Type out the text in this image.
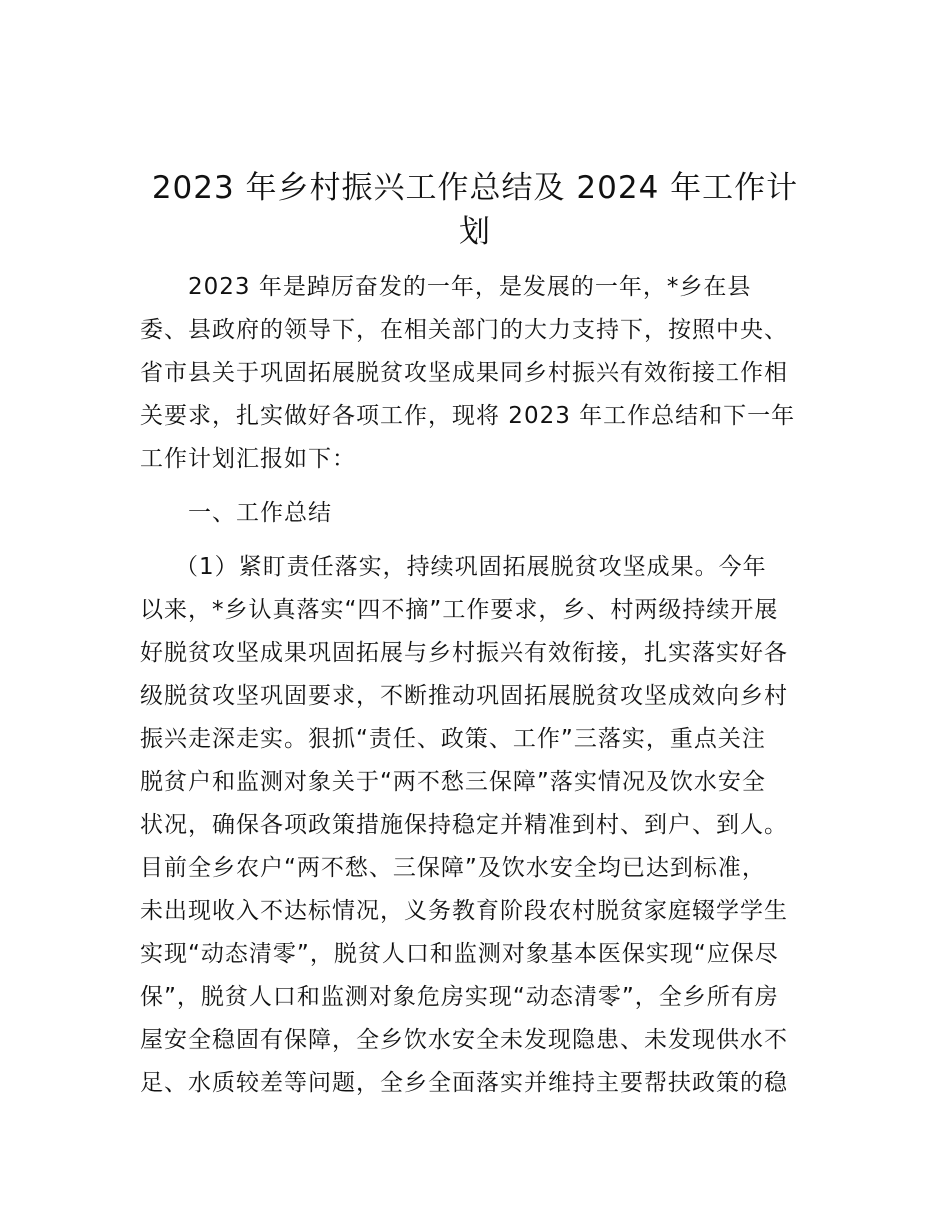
2023 年乡村振兴工作总结及 2024 年工作计
划

2023 年是踔厉奋发的一年，是发展的一年，*乡在县

委、县政府的领导下，在相关部门的大力支持下，按照中央、

省市县关于巩固拓展脱贫攻坚成果同乡村振兴有效衔接工作相

关要求，扎实做好各项工作，现将 2023 年工作总结和下一年

工作计划汇报如下：

一、工作总结

（1）紧盯责任落实，持续巩固拓展脱贫攻坚成果。今年

以来，*乡认真落实“四不摘”工作要求，乡、村两级持续开展

好脱贫攻坚成果巩固拓展与乡村振兴有效衔接，扎实落实好各

级脱贫攻坚巩固要求，不断推动巩固拓展脱贫攻坚成效向乡村

振兴走深走实。狠抓“责任、政策、工作”三落实，重点关注

脱贫户和监测对象关于“两不愁三保障”落实情况及饮水安全

状况，确保各项政策措施保持稳定并精准到村、到户、到人。

目前全乡农户“两不愁、三保障”及饮水安全均已达到标准，

未出现收入不达标情况，义务教育阶段农村脱贫家庭辍学学生

实现“动态清零”，脱贫人口和监测对象基本医保实现“应保尽

保”，脱贫人口和监测对象危房实现“动态清零”，全乡所有房

屋安全稳固有保障，全乡饮水安全未发现隐患、未发现供水不

足、水质较差等问题，全乡全面落实并维持主要帮扶政策的稳
